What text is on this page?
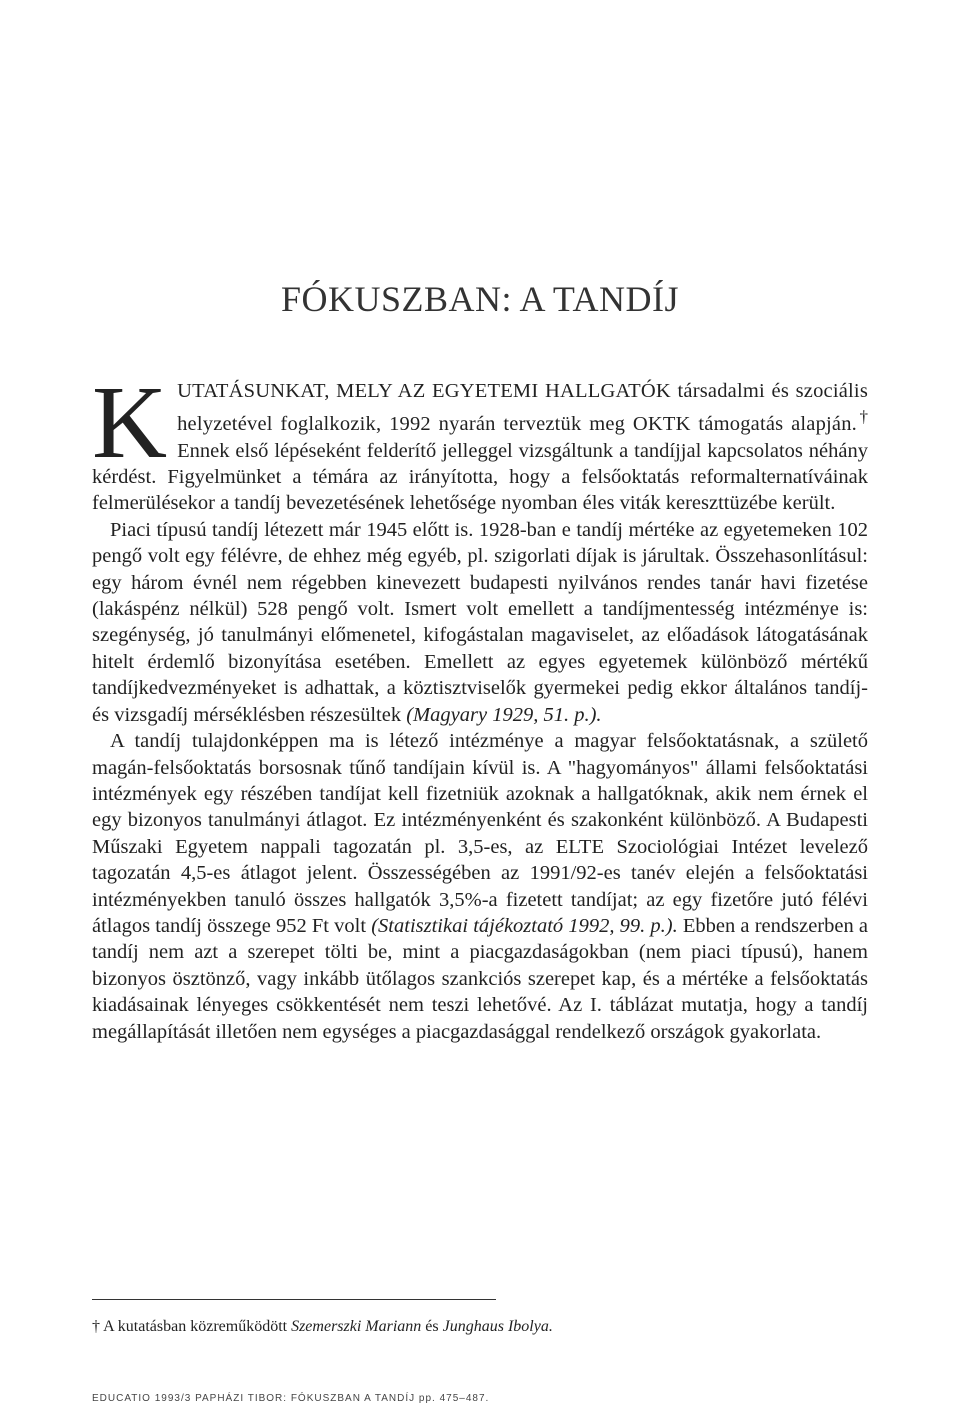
FÓKUSZBAN: A TANDÍJ

KUTATÁSUNKAT, MELY AZ EGYETEMI HALLGATÓK társadalmi és szociális helyzetével foglalkozik, 1992 nyarán terveztük meg OKTK támogatás alapján.† Ennek első lépéseként felderítő jelleggel vizsgáltunk a tandíjjal kapcsolatos néhány kérdést. Figyelmünket a témára az irányította, hogy a felsőoktatás reformalternatíváinak felmerülésekor a tandíj bevezetésének lehetősége nyomban éles viták kereszttüzébe került.

Piaci típusú tandíj létezett már 1945 előtt is. 1928-ban e tandíj mértéke az egyetemeken 102 pengő volt egy félévre, de ehhez még egyéb, pl. szigorlati díjak is járultak. Összehasonlításul: egy három évnél nem régebben kinevezett budapesti nyilvános rendes tanár havi fizetése (lakáspénz nélkül) 528 pengő volt. Ismert volt emellett a tandíjmentesség intézménye is: szegénység, jó tanulmányi előmenetel, kifogástalan magaviselet, az előadások látogatásának hitelt érdemlő bizonyítása esetében. Emellett az egyes egyetemek különböző mértékű tandíjkedvezményeket is adhattak, a köztisztviselők gyermekei pedig ekkor általános tandíj- és vizsgadíj mérséklésben részesültek (Magyary 1929, 51. p.).

A tandíj tulajdonképpen ma is létező intézménye a magyar felsőoktatásnak, a születő magán-felsőoktatás borsosnak tűnő tandíjain kívül is. A "hagyományos" állami felsőoktatási intézmények egy részében tandíjat kell fizetniük azoknak a hallgatóknak, akik nem érnek el egy bizonyos tanulmányi átlagot. Ez intézményenként és szakonként különböző. A Budapesti Műszaki Egyetem nappali tagozatán pl. 3,5-es, az ELTE Szociológiai Intézet levelező tagozatán 4,5-es átlagot jelent. Összességében az 1991/92-es tanév elején a felsőoktatási intézményekben tanuló összes hallgatók 3,5%-a fizetett tandíjat; az egy fizetőre jutó félévi átlagos tandíj összege 952 Ft volt (Statisztikai tájékoztató 1992, 99. p.). Ebben a rendszerben a tandíj nem azt a szerepet tölti be, mint a piacgazdaságokban (nem piaci típusú), hanem bizonyos ösztönző, vagy inkább ütőlagos szankciós szerepet kap, és a mértéke a felsőoktatás kiadásainak lényeges csökkentését nem teszi lehetővé. Az I. táblázat mutatja, hogy a tandíj megállapítását illetően nem egységes a piacgazdasággal rendelkező országok gyakorlata.

† A kutatásban közreműködött Szemerszki Mariann és Junghaus Ibolya.

EDUCATIO 1993/3 PAPHÁZI TIBOR: FÓKUSZBAN A TANDÍJ pp. 475–487.
